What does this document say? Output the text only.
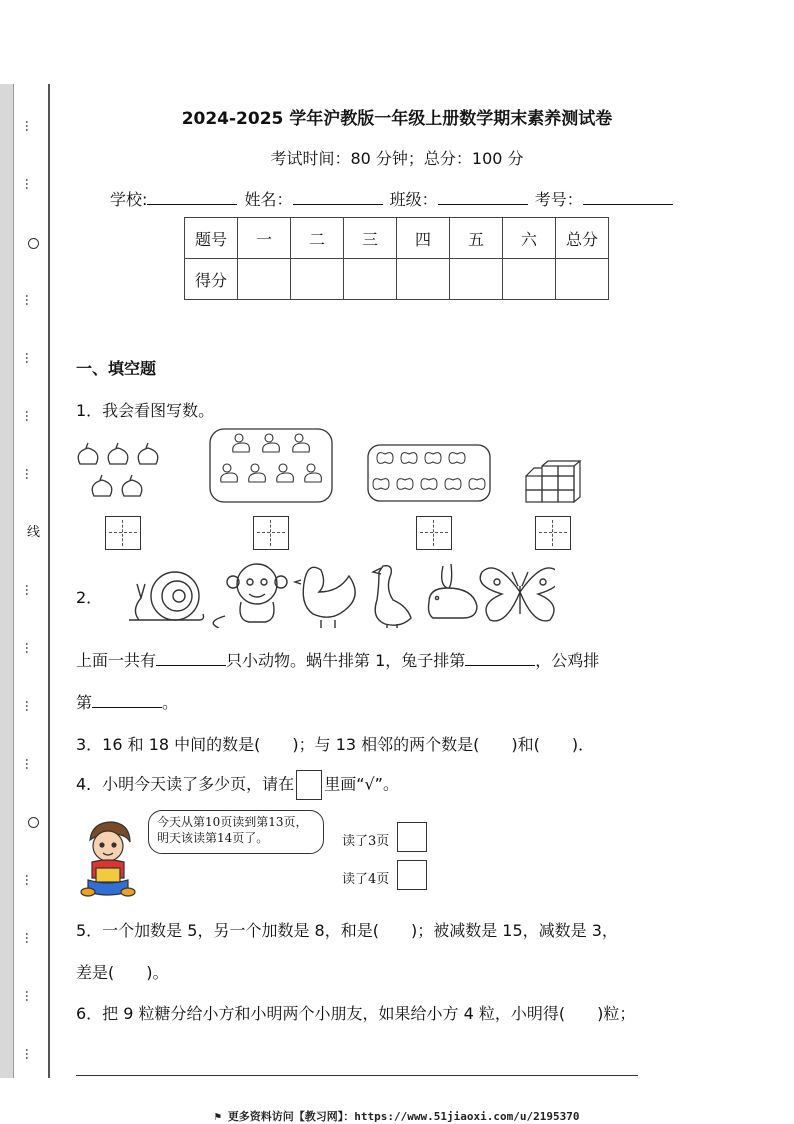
…
…
…
…
…
…
线
…
…
…
…
…
…
…
…
2024-2025 学年沪教版一年级上册数学期末素养测试卷
考试时间：80 分钟；总分：100 分
学校:	姓名：	班级：	考号：
题号	一	二	三	四	五	六	总分
得分							
一、填空题
1．我会看图写数。
2．
上面一共有	只小动物。蜗牛排第 1，兔子排第	，公鸡排
第	。
3．16 和 18 中间的数是(　　)；与 13 相邻的两个数是(　　)和(　　)．
4．小明今天读了多少页，请在 里画“√”。
今天从第10页读到第13页，
明天该读第14页了。	读了3页
读了4页
5．一个加数是 5，另一个加数是 8，和是(　　)；被减数是 15，减数是 3，
差是(　　)。
6．把 9 粒糖分给小方和小明两个小朋友，如果给小方 4 粒，小明得(　　)粒；
⚑ 更多资料访问【教习网】：https://www.51jiaoxi.com/u/2195370
